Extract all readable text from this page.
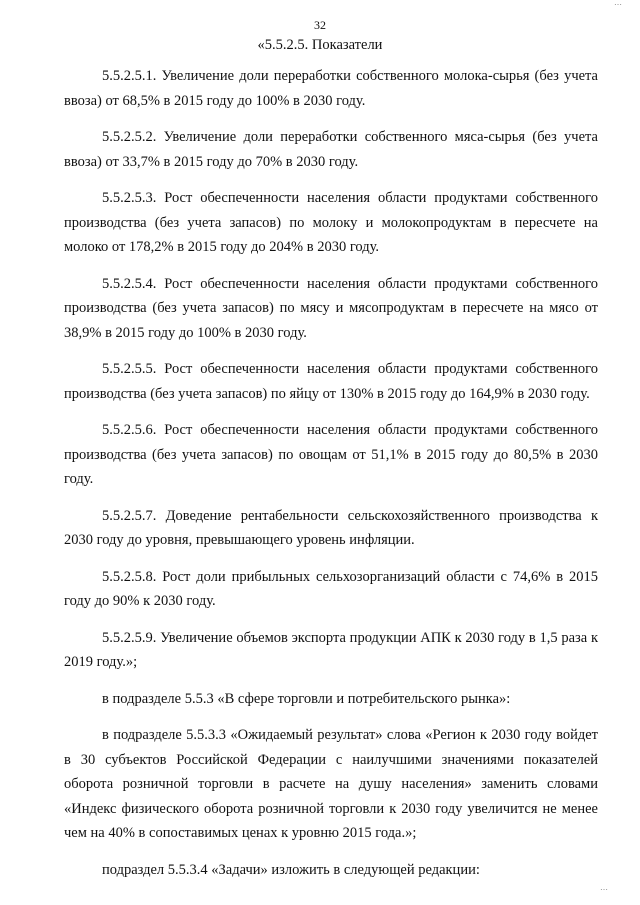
⋯
32
«5.5.2.5. Показатели

5.5.2.5.1. Увеличение доли переработки собственного молока-сырья (без учета ввоза) от 68,5% в 2015 году до 100% в 2030 году.

5.5.2.5.2. Увеличение доли переработки собственного мяса-сырья (без учета ввоза) от 33,7% в 2015 году до 70% в 2030 году.

5.5.2.5.3. Рост обеспеченности населения области продуктами собственного производства (без учета запасов) по молоку и молокопродуктам в пересчете на молоко от 178,2% в 2015 году до 204% в 2030 году.

5.5.2.5.4. Рост обеспеченности населения области продуктами собственного производства (без учета запасов) по мясу и мясопродуктам в пересчете на мясо от 38,9% в 2015 году до 100% в 2030 году.

5.5.2.5.5. Рост обеспеченности населения области продуктами собственного производства (без учета запасов) по яйцу от 130% в 2015 году до 164,9% в 2030 году.

5.5.2.5.6. Рост обеспеченности населения области продуктами собственного производства (без учета запасов) по овощам от 51,1% в 2015 году до 80,5% в 2030 году.

5.5.2.5.7. Доведение рентабельности сельскохозяйственного производства к 2030 году до уровня, превышающего уровень инфляции.

5.5.2.5.8. Рост доли прибыльных сельхозорганизаций области с 74,6% в 2015 году до 90% к 2030 году.

5.5.2.5.9. Увеличение объемов экспорта продукции АПК к 2030 году в 1,5 раза к 2019 году.»;

в подразделе 5.5.3 «В сфере торговли и потребительского рынка»:

в подразделе 5.5.3.3 «Ожидаемый результат» слова «Регион к 2030 году войдет в 30 субъектов Российской Федерации с наилучшими значениями показателей оборота розничной торговли в расчете на душу населения» заменить словами «Индекс физического оборота розничной торговли к 2030 году увеличится не менее чем на 40% в сопоставимых ценах к уровню 2015 года.»;

подраздел 5.5.3.4 «Задачи» изложить в следующей редакции:

⋯
